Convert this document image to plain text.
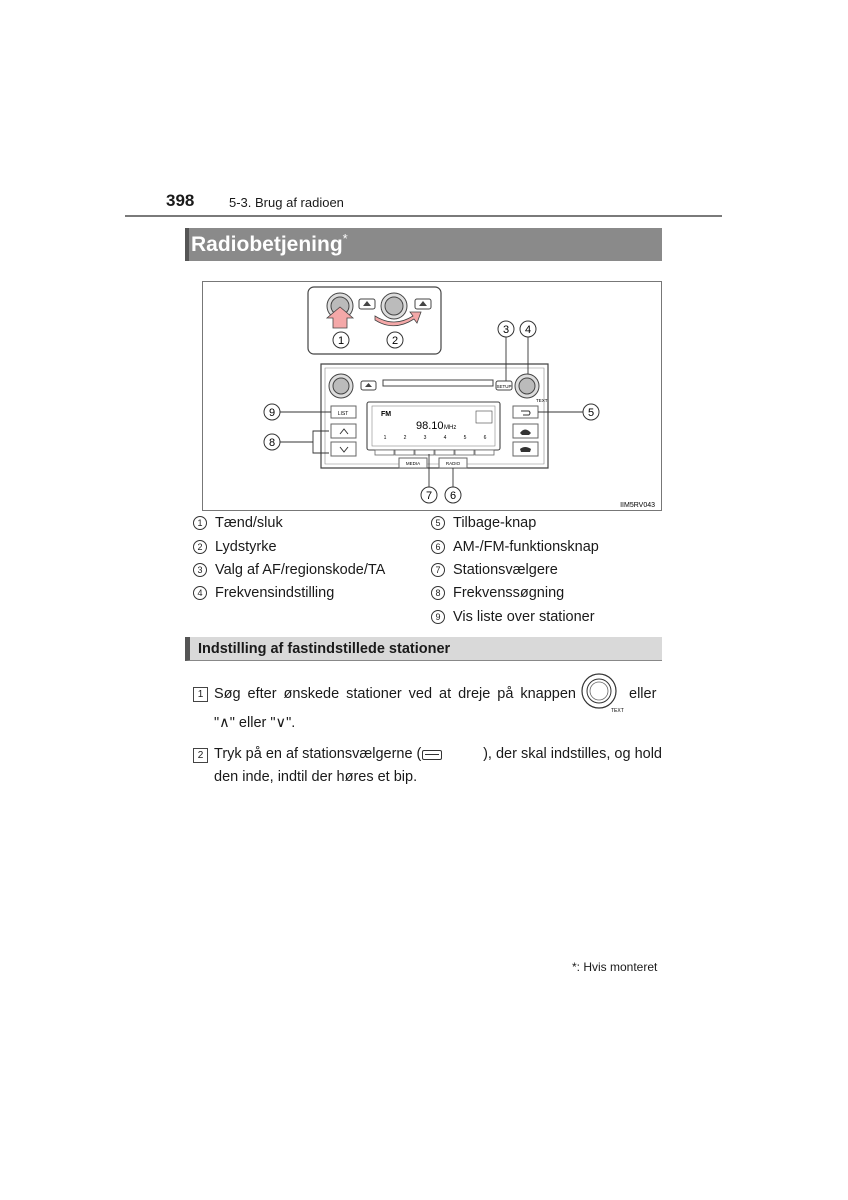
398	5-3. Brug af radioen
Radiobetjening*
1	2
SETUP
TEXT
LIST	FM
98.10 MHz
1	2	3	4	5	6
MEDIA	RADIO
3 4
5
6
7
8
9
IIM5RV043
1 Tænd/sluk
2 Lydstyrke
3 Valg af AF/regionskode/TA
4 Frekvensindstilling
5 Tilbage-knap
6 AM-/FM-funktionsknap
7 Stationsvælgere
8 Frekvenssøgning
9 Vis liste over stationer
Indstilling af fastindstillede stationer
1 Søg efter ønskede stationer ved at dreje på knappen
TEXT
eller
"∧" eller "∨".
2 Tryk på en af stationsvælgerne (	), der skal indstilles, og hold
den inde, indtil der høres et bip.
*: Hvis monteret
